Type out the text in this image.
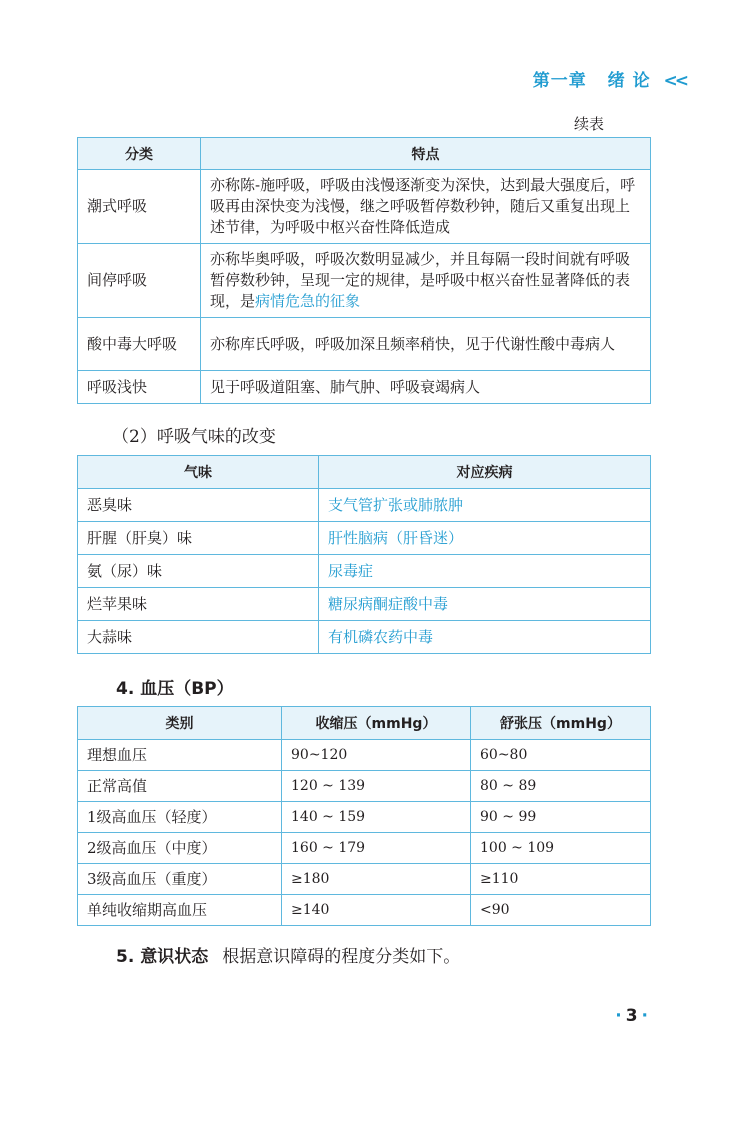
第一章 绪 论 <<
续表
分类	特点
潮式呼吸	亦称陈-施呼吸，呼吸由浅慢逐渐变为深快，达到最大强度后，呼吸再由深快变为浅慢，继之呼吸暂停数秒钟，随后又重复出现上述节律，为呼吸中枢兴奋性降低造成
间停呼吸	亦称毕奥呼吸，呼吸次数明显减少，并且每隔一段时间就有呼吸暂停数秒钟，呈现一定的规律，是呼吸中枢兴奋性显著降低的表现，是病情危急的征象
酸中毒大呼吸	亦称库氏呼吸，呼吸加深且频率稍快，见于代谢性酸中毒病人
呼吸浅快	见于呼吸道阻塞、肺气肿、呼吸衰竭病人
（2）呼吸气味的改变
气味	对应疾病
恶臭味	支气管扩张或肺脓肿
肝腥（肝臭）味	肝性脑病（肝昏迷）
氨（尿）味	尿毒症
烂苹果味	糖尿病酮症酸中毒
大蒜味	有机磷农药中毒
4. 血压（BP）
类别	收缩压（mmHg）	舒张压（mmHg）
理想血压	90~120	60~80
正常高值	120 ~ 139	80 ~ 89
1级高血压（轻度）	140 ~ 159	90 ~ 99
2级高血压（中度）	160 ~ 179	100 ~ 109
3级高血压（重度）	≥180	≥110
单纯收缩期高血压	≥140	<90
5. 意识状态 根据意识障碍的程度分类如下。
· 3 ·
